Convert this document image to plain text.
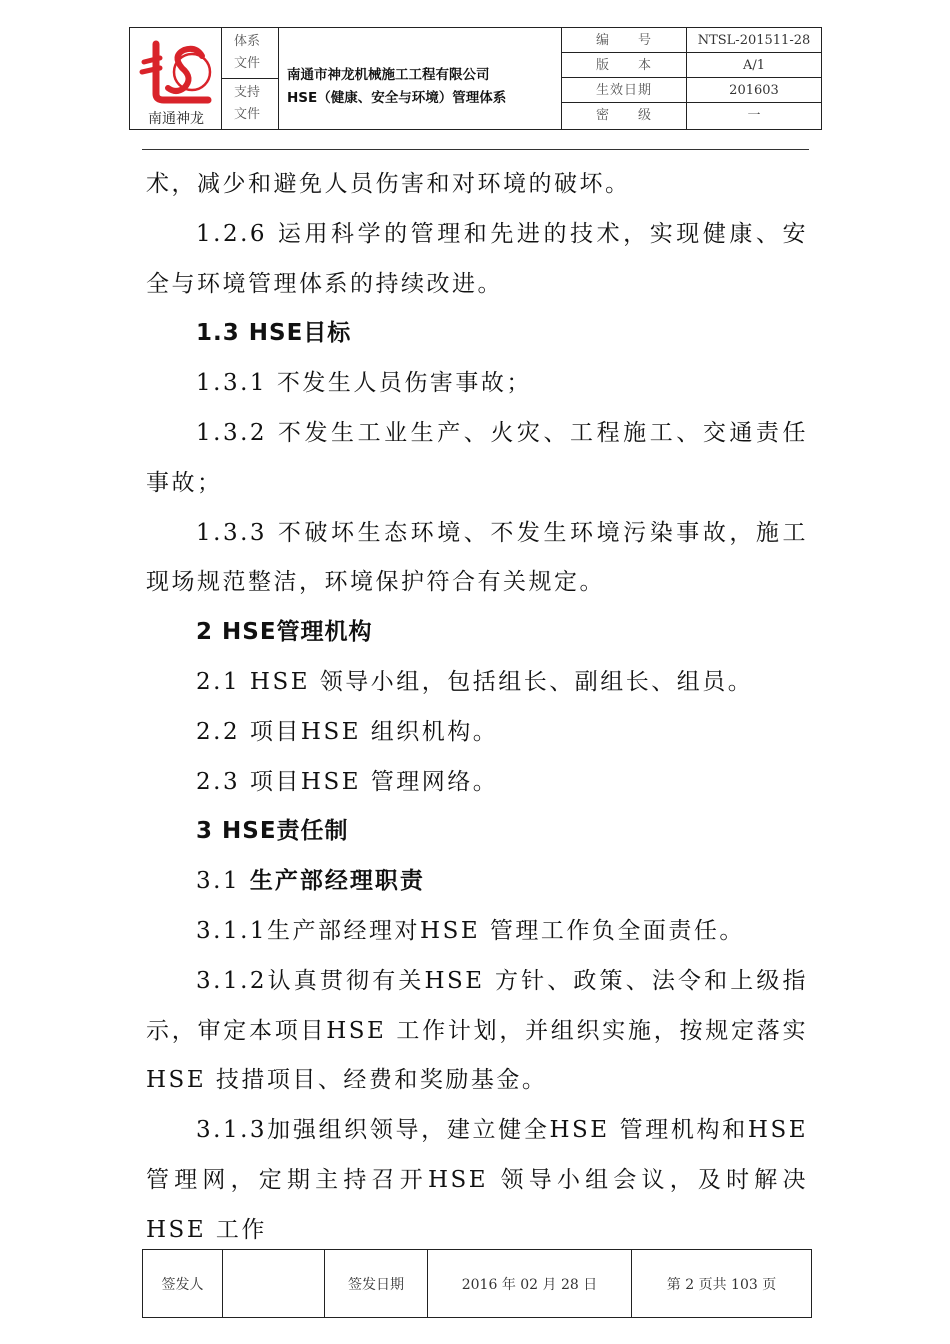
南通神龙
体系
文件
支持
文件
南通市神龙机械施工工程有限公司
HSE（健康、安全与环境）管理体系
编　　号	NTSL-201511-28
版　　本	A/1
生效日期	201603
密　　级	一

术，减少和避免人员伤害和对环境的破坏。

1.2.6 运用科学的管理和先进的技术，实现健康、安全与环境管理体系的持续改进。

1.3 HSE目标

1.3.1 不发生人员伤害事故；

1.3.2 不发生工业生产、火灾、工程施工、交通责任事故；

1.3.3 不破坏生态环境、不发生环境污染事故，施工现场规范整洁，环境保护符合有关规定。

2 HSE管理机构

2.1 HSE 领导小组，包括组长、副组长、组员。

2.2 项目HSE 组织机构。

2.3 项目HSE 管理网络。

3 HSE责任制

3.1 生产部经理职责

3.1.1生产部经理对HSE 管理工作负全面责任。

3.1.2认真贯彻有关HSE 方针、政策、法令和上级指示，审定本项目HSE 工作计划，并组织实施，按规定落实HSE 技措项目、经费和奖励基金。

3.1.3加强组织领导，建立健全HSE 管理机构和HSE 管理网，定期主持召开HSE 领导小组会议，及时解决HSE 工作

签发人	签发日期	2016 年 02 月 28 日	第 2 页共 103 页
